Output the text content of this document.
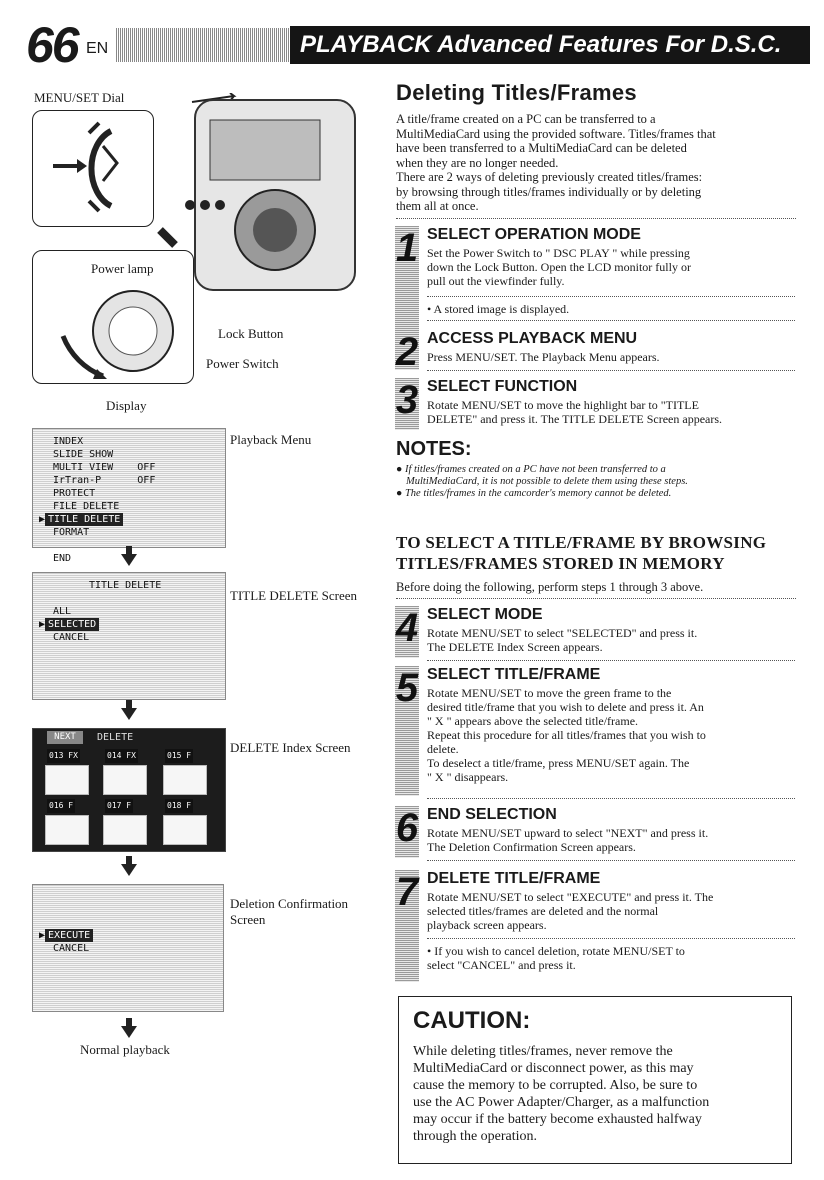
66 EN	PLAYBACK Advanced Features For D.S.C. (cont.)
MENU/SET Dial
Power lamp
Lock Button
Power Switch
Display
INDEX
SLIDE SHOW
MULTI VIEW    OFF
IrTran-P      OFF
PROTECT
FILE DELETE
▶ TITLE DELETE
FORMAT
END
Playback Menu
TITLE DELETE
ALL
▶ SELECTED
CANCEL
TITLE DELETE Screen
NEXT	DELETE
013 FX	014 FX	015 F
016 F	017 F	018 F
DELETE Index Screen
▶ EXECUTE
CANCEL
Deletion Confirmation
Screen
Normal playback
Deleting Titles/Frames
A title/frame created on a PC can be transferred to a
MultiMediaCard using the provided software. Titles/frames that
have been transferred to a MultiMediaCard can be deleted
when they are no longer needed.
There are 2 ways of deleting previously created titles/frames:
by browsing through titles/frames individually or by deleting
them all at once.
1 SELECT OPERATION MODE
Set the Power Switch to " DSC PLAY " while pressing
down the Lock Button. Open the LCD monitor fully or
pull out the viewfinder fully.
• A stored image is displayed.
2 ACCESS PLAYBACK MENU
Press MENU/SET. The Playback Menu appears.
3 SELECT FUNCTION
Rotate MENU/SET to move the highlight bar to "TITLE
DELETE" and press it. The TITLE DELETE Screen appears.
NOTES:
● If titles/frames created on a PC have not been transferred to a
MultiMediaCard, it is not possible to delete them using these steps.
● The titles/frames in the camcorder's memory cannot be deleted.
TO SELECT A TITLE/FRAME BY BROWSING
TITLES/FRAMES STORED IN MEMORY
Before doing the following, perform steps 1 through 3 above.
4 SELECT MODE
Rotate MENU/SET to select "SELECTED" and press it.
The DELETE Index Screen appears.
5 SELECT TITLE/FRAME
Rotate MENU/SET to move the green frame to the
desired title/frame that you wish to delete and press it. An
" X " appears above the selected title/frame.
Repeat this procedure for all titles/frames that you wish to
delete.
To deselect a title/frame, press MENU/SET again. The
" X " disappears.
6 END SELECTION
Rotate MENU/SET upward to select "NEXT" and press it.
The Deletion Confirmation Screen appears.
7 DELETE TITLE/FRAME
Rotate MENU/SET to select "EXECUTE" and press it. The
selected titles/frames are deleted and the normal
playback screen appears.
• If you wish to cancel deletion, rotate MENU/SET to
select "CANCEL" and press it.
CAUTION:
While deleting titles/frames, never remove the
MultiMediaCard or disconnect power, as this may
cause the memory to be corrupted. Also, be sure to
use the AC Power Adapter/Charger, as a malfunction
may occur if the battery become exhausted halfway
through the operation.
